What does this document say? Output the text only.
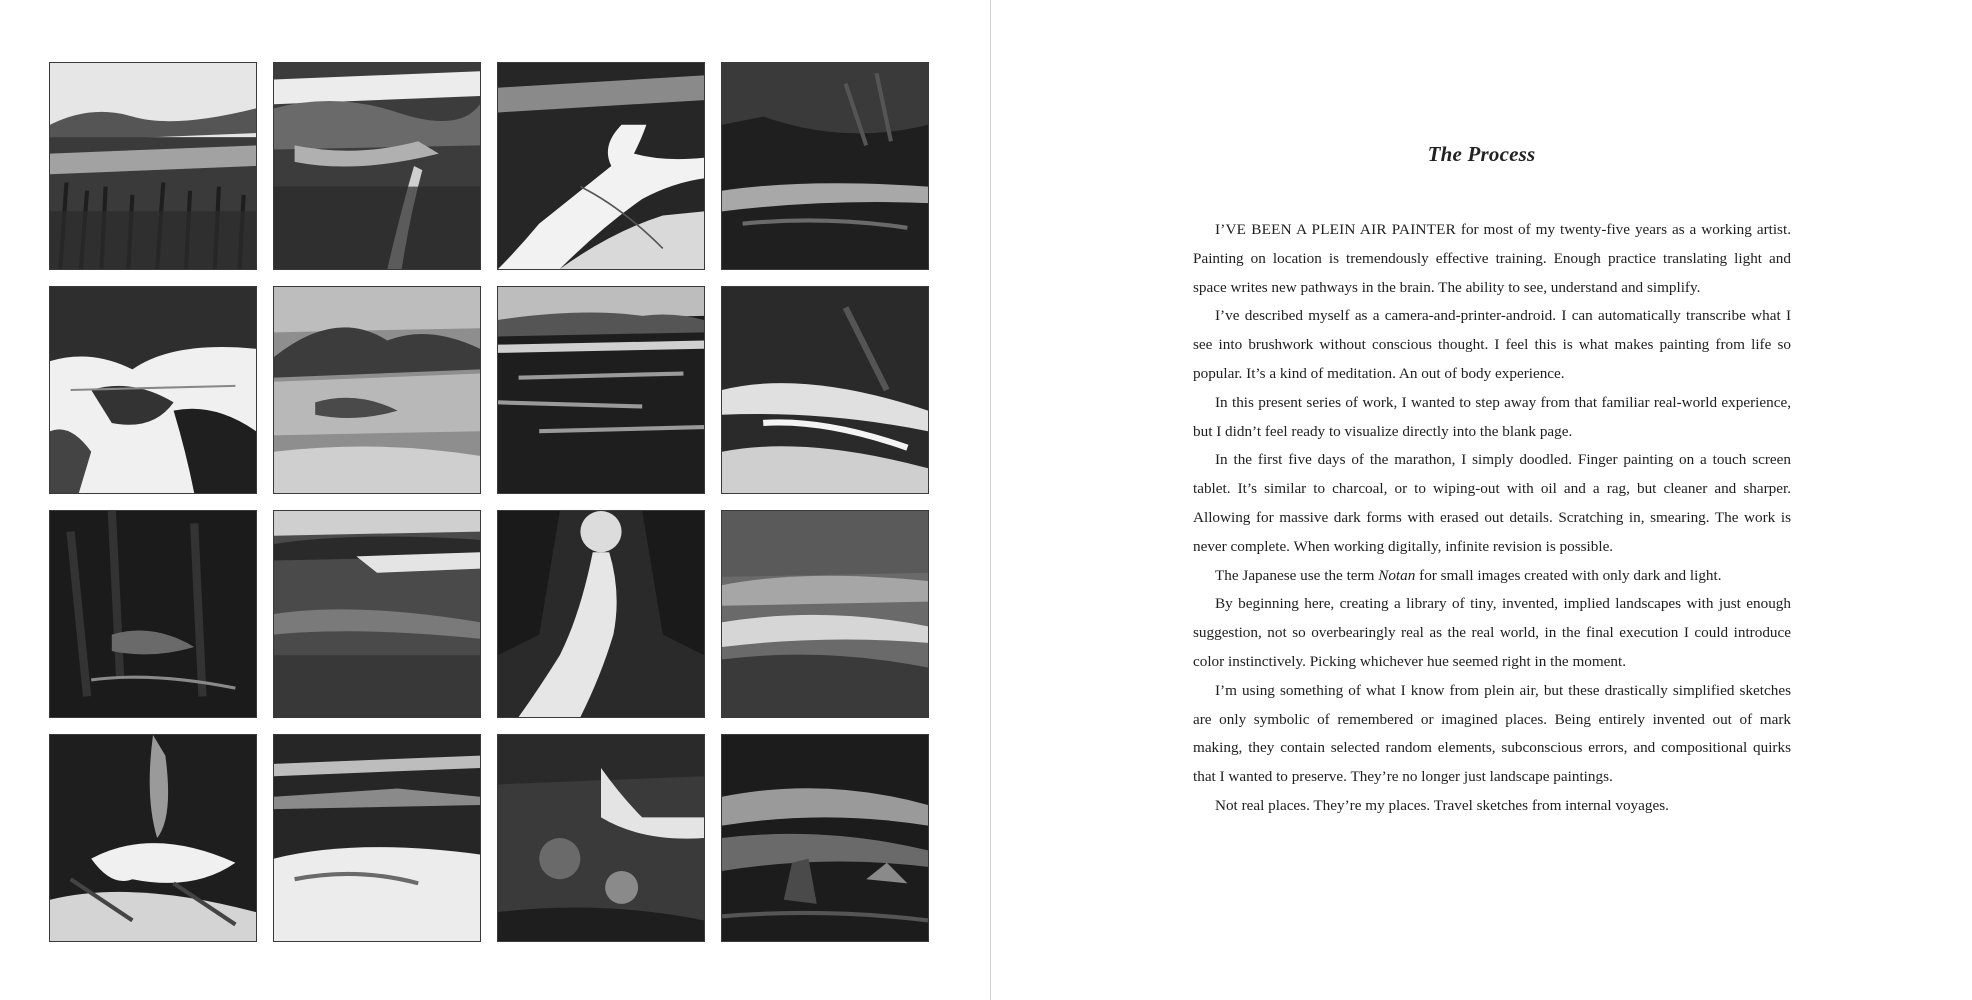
The Process

I’VE BEEN A PLEIN AIR PAINTER for most of my twenty-five years as a working artist. Painting on location is tremendously effective training. Enough practice translating light and space writes new pathways in the brain. The ability to see, understand and simplify.

I’ve described myself as a camera-and-printer-android. I can automatically transcribe what I see into brushwork without conscious thought. I feel this is what makes painting from life so popular. It’s a kind of meditation. An out of body experience.

In this present series of work, I wanted to step away from that familiar real-world experience, but I didn’t feel ready to visualize directly into the blank page.

In the first five days of the marathon, I simply doodled. Finger painting on a touch screen tablet. It’s similar to charcoal, or to wiping-out with oil and a rag, but cleaner and sharper. Allowing for massive dark forms with erased out details. Scratching in, smearing. The work is never complete. When working digitally, infinite revision is possible.

The Japanese use the term Notan for small images created with only dark and light.

By beginning here, creating a library of tiny, invented, implied landscapes with just enough suggestion, not so overbearingly real as the real world, in the final execution I could introduce color instinctively. Picking whichever hue seemed right in the moment.

I’m using something of what I know from plein air, but these drastically simplified sketches are only symbolic of remembered or imagined places. Being entirely invented out of mark making, they contain selected random elements, subconscious errors, and compositional quirks that I wanted to preserve. They’re no longer just landscape paintings.

Not real places. They’re my places. Travel sketches from internal voyages.
